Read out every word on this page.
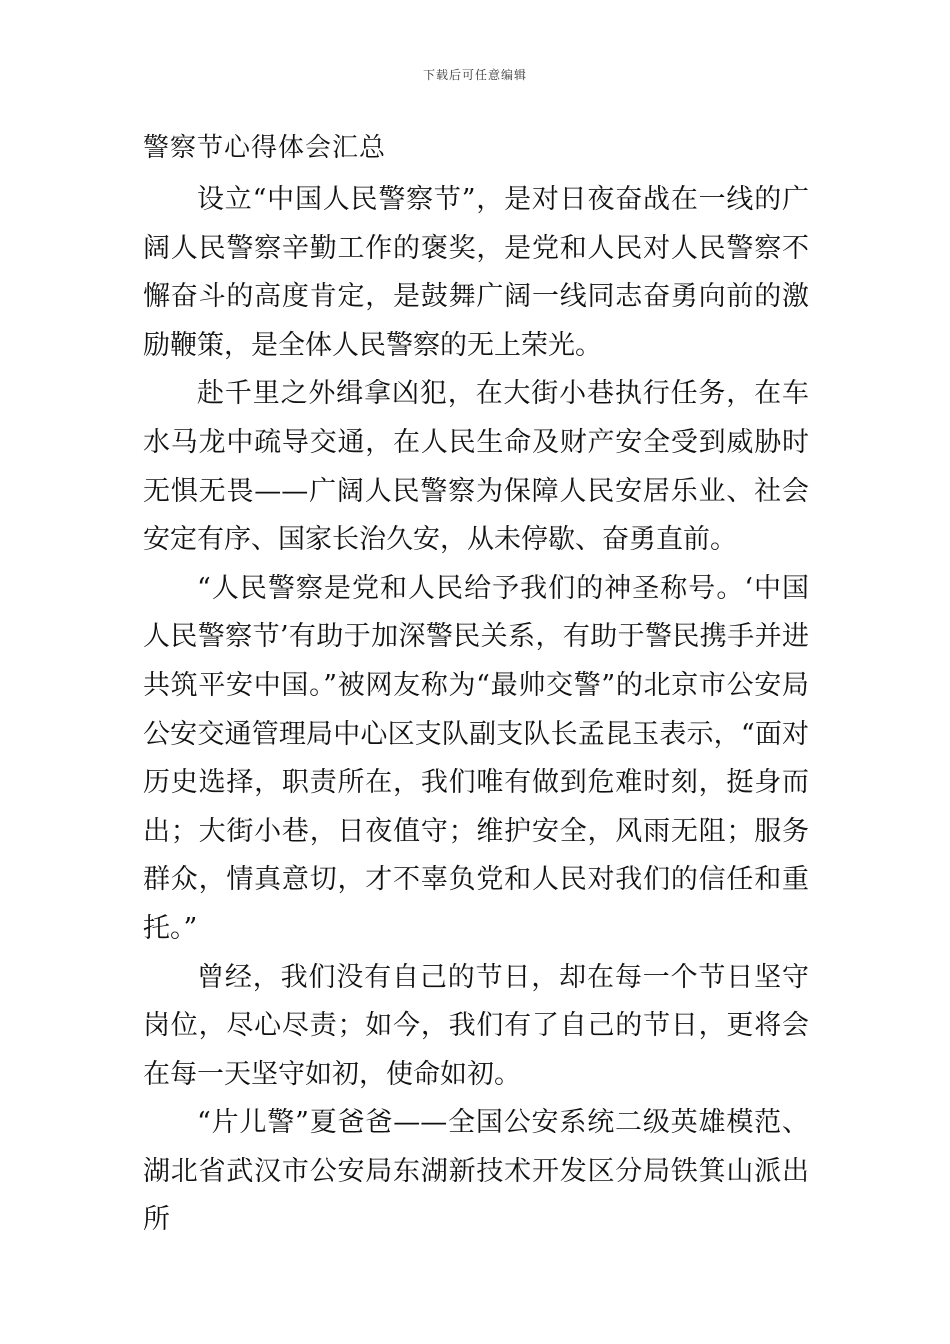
下载后可任意编辑
警察节心得体会汇总

设立“中国人民警察节”，是对日夜奋战在一线的广阔人民警察辛勤工作的褒奖，是党和人民对人民警察不懈奋斗的高度肯定，是鼓舞广阔一线同志奋勇向前的激励鞭策，是全体人民警察的无上荣光。

赴千里之外缉拿凶犯，在大街小巷执行任务，在车水马龙中疏导交通，在人民生命及财产安全受到威胁时无惧无畏——广阔人民警察为保障人民安居乐业、社会安定有序、国家长治久安，从未停歇、奋勇直前。

“人民警察是党和人民给予我们的神圣称号。‘中国人民警察节’有助于加深警民关系，有助于警民携手并进共筑平安中国。”被网友称为“最帅交警”的北京市公安局公安交通管理局中心区支队副支队长孟昆玉表示，“面对历史选择，职责所在，我们唯有做到危难时刻，挺身而出；大街小巷，日夜值守；维护安全，风雨无阻；服务群众，情真意切，才不辜负党和人民对我们的信任和重托。”

曾经，我们没有自己的节日，却在每一个节日坚守岗位，尽心尽责；如今，我们有了自己的节日，更将会在每一天坚守如初，使命如初。

“片儿警”夏爸爸——全国公安系统二级英雄模范、湖北省武汉市公安局东湖新技术开发区分局铁箕山派出所
